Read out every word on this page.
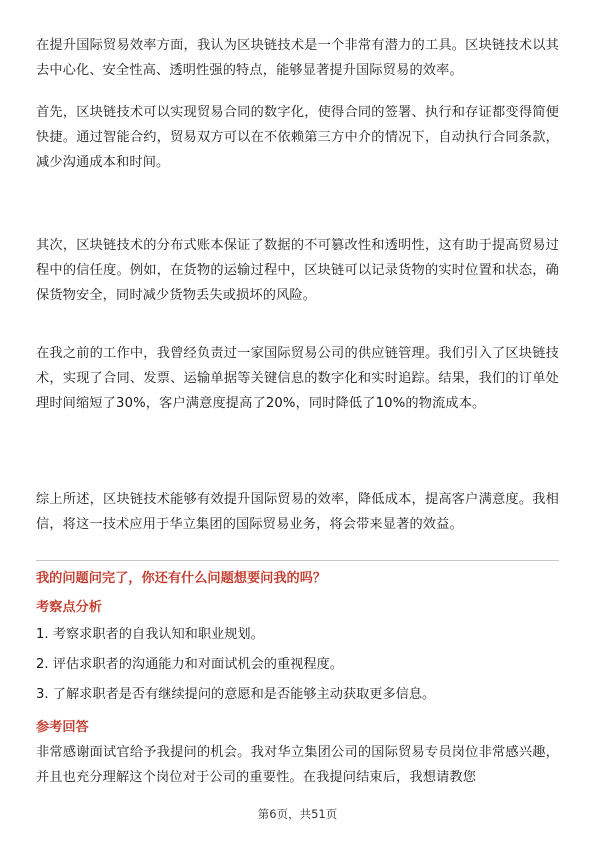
在提升国际贸易效率方面，我认为区块链技术是一个非常有潜力的工具。区块链技术以其去中心化、安全性高、透明性强的特点，能够显著提升国际贸易的效率。

首先，区块链技术可以实现贸易合同的数字化，使得合同的签署、执行和存证都变得简便快捷。通过智能合约，贸易双方可以在不依赖第三方中介的情况下，自动执行合同条款，减少沟通成本和时间。

其次，区块链技术的分布式账本保证了数据的不可篡改性和透明性，这有助于提高贸易过程中的信任度。例如，在货物的运输过程中，区块链可以记录货物的实时位置和状态，确保货物安全，同时减少货物丢失或损坏的风险。

在我之前的工作中，我曾经负责过一家国际贸易公司的供应链管理。我们引入了区块链技术，实现了合同、发票、运输单据等关键信息的数字化和实时追踪。结果，我们的订单处理时间缩短了30%，客户满意度提高了20%，同时降低了10%的物流成本。

综上所述，区块链技术能够有效提升国际贸易的效率，降低成本，提高客户满意度。我相信，将这一技术应用于华立集团的国际贸易业务，将会带来显著的效益。

我的问题问完了，你还有什么问题想要问我的吗？

考察点分析

1. 考察求职者的自我认知和职业规划。

2. 评估求职者的沟通能力和对面试机会的重视程度。

3. 了解求职者是否有继续提问的意愿和是否能够主动获取更多信息。

参考回答

非常感谢面试官给予我提问的机会。我对华立集团公司的国际贸易专员岗位非常感兴趣，并且也充分理解这个岗位对于公司的重要性。在我提问结束后，我想请教您

第6页，共51页
